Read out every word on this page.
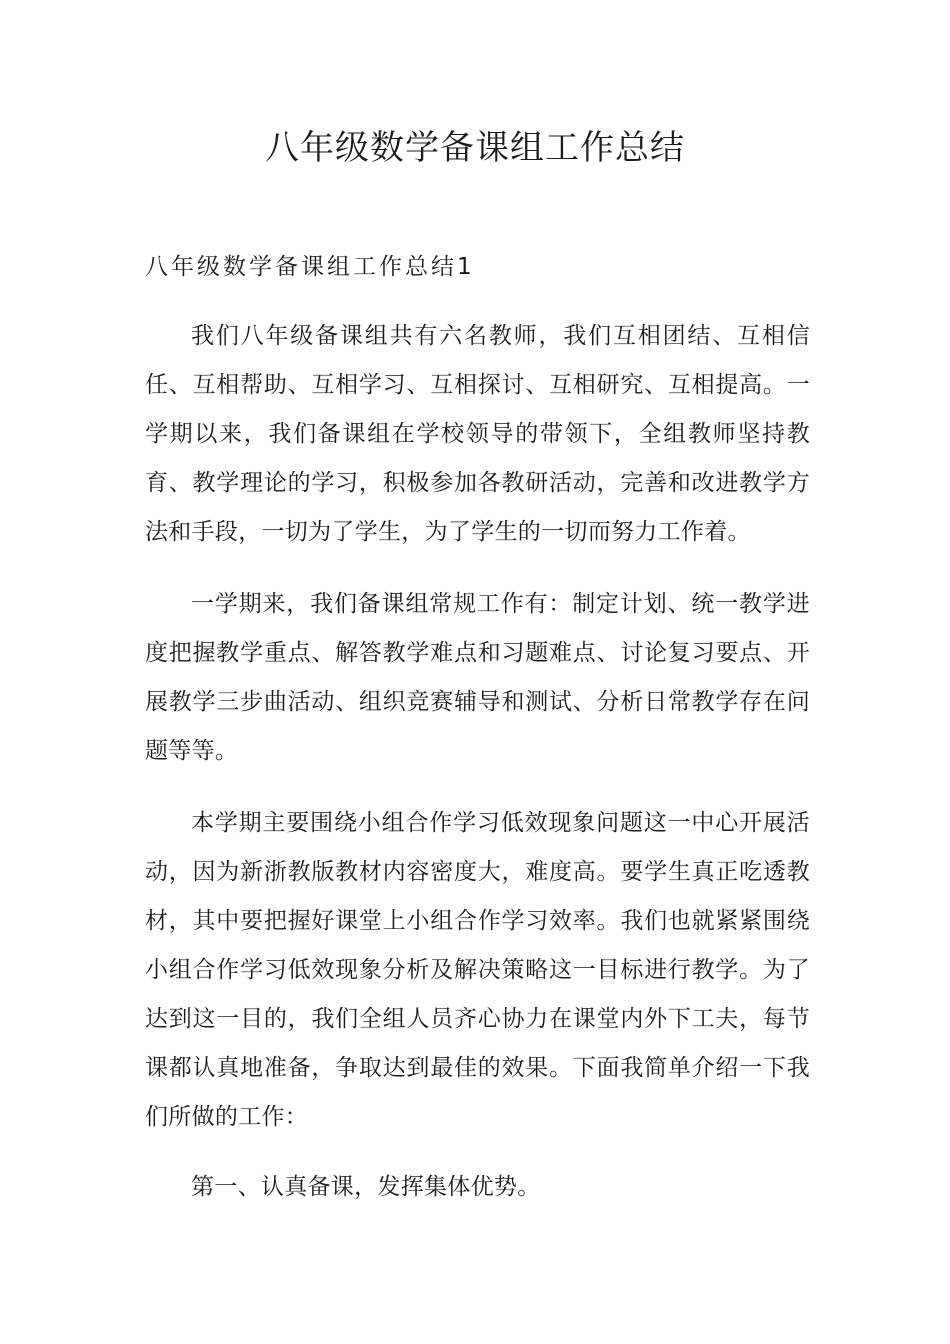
八年级数学备课组工作总结
八年级数学备课组工作总结1

我们八年级备课组共有六名教师，我们互相团结、互相信任、互相帮助、互相学习、互相探讨、互相研究、互相提高。一学期以来，我们备课组在学校领导的带领下，全组教师坚持教育、教学理论的学习，积极参加各教研活动，完善和改进教学方法和手段，一切为了学生，为了学生的一切而努力工作着。

一学期来，我们备课组常规工作有：制定计划、统一教学进度把握教学重点、解答教学难点和习题难点、讨论复习要点、开展教学三步曲活动、组织竞赛辅导和测试、分析日常教学存在问题等等。

本学期主要围绕小组合作学习低效现象问题这一中心开展活动，因为新浙教版教材内容密度大，难度高。要学生真正吃透教材，其中要把握好课堂上小组合作学习效率。我们也就紧紧围绕小组合作学习低效现象分析及解决策略这一目标进行教学。为了达到这一目的，我们全组人员齐心协力在课堂内外下工夫，每节课都认真地准备，争取达到最佳的效果。下面我简单介绍一下我们所做的工作：

第一、认真备课，发挥集体优势。
